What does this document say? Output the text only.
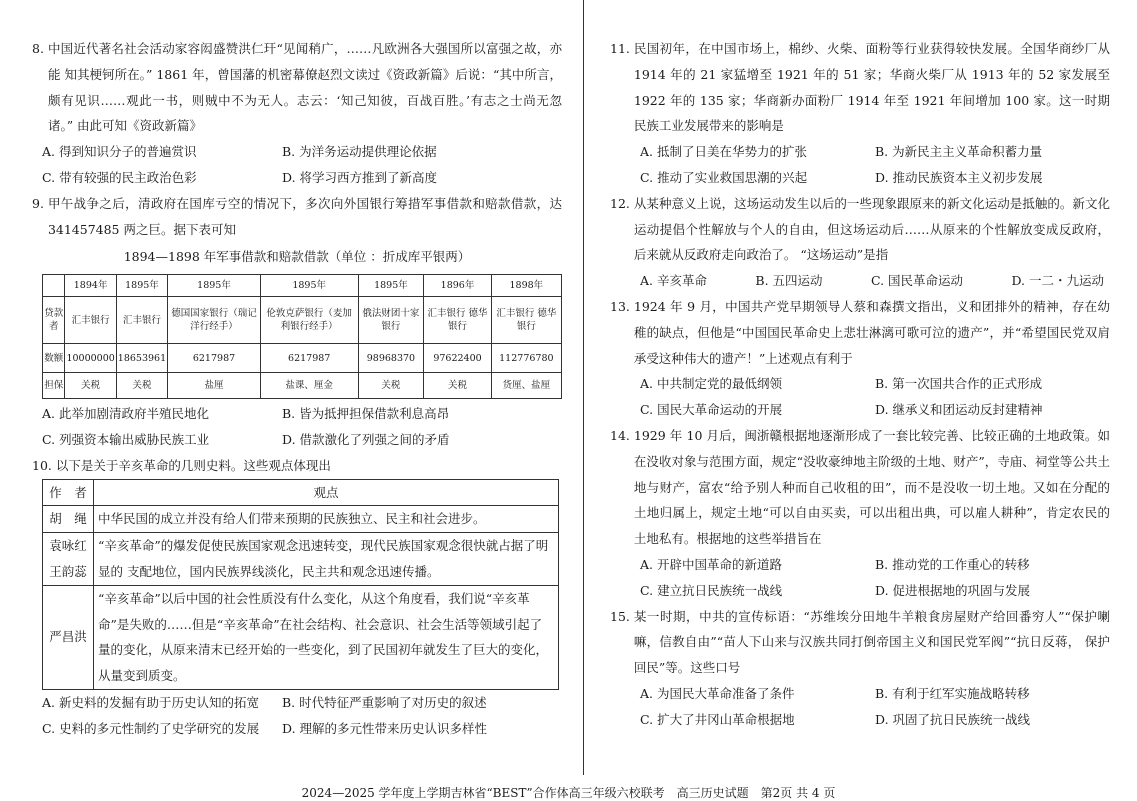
8. 中国近代著名社会活动家容闳盛赞洪仁玕“见闻稍广，……凡欧洲各大强国所以富强之故，亦能 知其梗钶所在。” 1861 年，曾国藩的机密幕僚赵烈文读过《资政新篇》后说：“其中所言，颇有见识……观此一书，则贼中不为无人。志云：‘知己知彼，百战百胜。’有志之士尚无忽诸。” 由此可知《资政新篇》
A. 得到知识分子的普遍赏识	B. 为洋务运动提供理论依据
C. 带有较强的民主政治色彩	D. 将学习西方推到了新高度
9. 甲午战争之后，清政府在国库亏空的情况下，多次向外国银行筹措军事借款和赔款借款，达 341457485 两之巨。据下表可知
1894—1898 年军事借款和赔款借款（单位 ：折成库平银两）
	1894年	1895年	1895年	1895年	1895年	1896年	1898年
贷款者	汇丰银行	汇丰银行	德国国家银行（瑞记洋行经手）	伦敦克萨银行（麦加利银行经手）	俄法财团十家银行	汇丰银行 德华银行	汇丰银行 德华银行
数额	10000000	18653961	6217987	6217987	98968370	97622400	112776780
担保	关税	关税	盐厘	盐课、厘金	关税	关税	货厘、盐厘
A. 此举加剧清政府半殖民地化	B. 皆为抵押担保借款利息高昂
C. 列强资本输出威胁民族工业	D. 借款激化了列强之间的矛盾
10. 以下是关于辛亥革命的几则史料。这些观点体现出
作　者	观点
胡　绳	中华民国的成立并没有给人们带来预期的民族独立、民主和社会进步。
袁咏红 王韵蕊	“辛亥革命”的爆发促使民族国家观念迅速转变，现代民族国家观念很快就占据了明显的 支配地位，国内民族界线淡化，民主共和观念迅速传播。
严昌洪	“辛亥革命”以后中国的社会性质没有什么变化，从这个角度看，我们说“辛亥革命”是失败的……但是“辛亥革命”在社会结构、社会意识、社会生活等领域引起了量的变化，从原来清末已经开始的一些变化，到了民国初年就发生了巨大的变化，从量变到质变。
A. 新史料的发掘有助于历史认知的拓宽	B. 时代特征严重影响了对历史的叙述
C. 史料的多元性制约了史学研究的发展	D. 理解的多元性带来历史认识多样性
11. 民国初年，在中国市场上，棉纱、火柴、面粉等行业获得较快发展。全国华商纱厂从 1914 年的 21 家猛增至 1921 年的 51 家；华商火柴厂从 1913 年的 52 家发展至 1922 年的 135 家；华商新办面粉厂 1914 年至 1921 年间增加 100 家。这一时期民族工业发展带来的影响是
A. 抵制了日美在华势力的扩张	B. 为新民主主义革命积蓄力量
C. 推动了实业救国思潮的兴起	D. 推动民族资本主义初步发展
12. 从某种意义上说，这场运动发生以后的一些现象跟原来的新文化运动是抵触的。新文化运动提倡个性解放与个人的自由，但这场运动后……从原来的个性解放变成反政府， 后来就从反政府走向政治了。 “这场运动”是指
A. 辛亥革命	B. 五四运动	C. 国民革命运动	D. 一二・九运动
13. 1924 年 9 月，中国共产党早期领导人蔡和森撰文指出，义和团排外的精神，存在幼稚的缺点，但他是“中国国民革命史上悲壮淋漓可歌可泣的遗产”，并“希望国民党双肩 承受这种伟大的遗产！”上述观点有利于
A. 中共制定党的最低纲领	B. 第一次国共合作的正式形成
C. 国民大革命运动的开展	D. 继承义和团运动反封建精神
14. 1929 年 10 月后，闽浙赣根据地逐渐形成了一套比较完善、比较正确的土地政策。如在没收对象与范围方面，规定“没收豪绅地主阶级的土地、财产”，寺庙、祠堂等公共土 地与财产，富农“给予别人种而自己收租的田”，而不是没收一切土地。又如在分配的 土地归属上，规定土地“可以自由买卖，可以出租出典，可以雇人耕种”，肯定农民的 土地私有。根据地的这些举措旨在
A. 开辟中国革命的新道路	B. 推动党的工作重心的转移
C. 建立抗日民族统一战线	D. 促进根据地的巩固与发展
15. 某一时期，中共的宣传标语：“苏维埃分田地牛羊粮食房屋财产给回番穷人”“保护喇嘛，信教自由”“苗人下山来与汉族共同打倒帝国主义和国民党军阀”“抗日反蒋， 保护回民”等。这些口号
A. 为国民大革命准备了条件	B. 有利于红军实施战略转移
C. 扩大了井冈山革命根据地	D. 巩固了抗日民族统一战线
2024—2025 学年度上学期吉林省“BEST”合作体高三年级六校联考　高三历史试题　第2页 共 4 页
